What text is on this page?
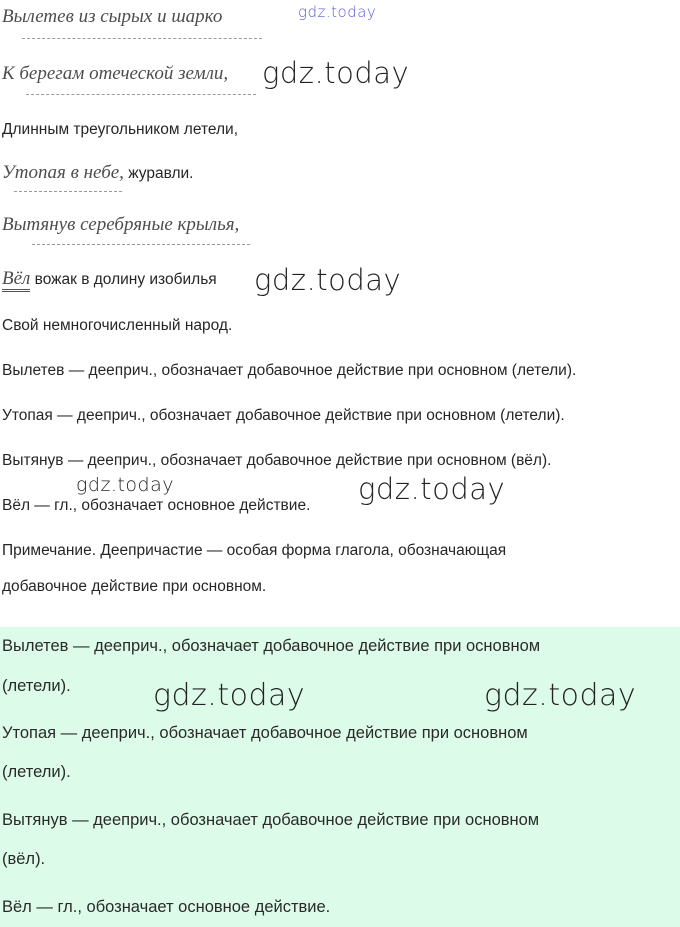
Вылетев из сырых и шарко
К берегам отеческой земли,
Длинным треугольником летели,
Утопая в небе, журавли.
Вытянув серебряные крылья,
Вёл вожак в долину изобилья
Свой немногочисленный народ.
Вылетев — дееприч., обозначает добавочное действие при основном (летели).
Утопая — дееприч., обозначает добавочное действие при основном (летели).
Вытянув — дееприч., обозначает добавочное действие при основном (вёл).
Вёл — гл., обозначает основное действие.
Примечание. Деепричастие — особая форма глагола, обозначающая
добавочное действие при основном.
Вылетев — дееприч., обозначает добавочное действие при основном
(летели).
Утопая — дееприч., обозначает добавочное действие при основном
(летели).
Вытянув — дееприч., обозначает добавочное действие при основном
(вёл).
Вёл — гл., обозначает основное действие.
gdz.today
gdz.today
gdz.today
gdz.today	gdz.today
gdz.today	gdz.today
